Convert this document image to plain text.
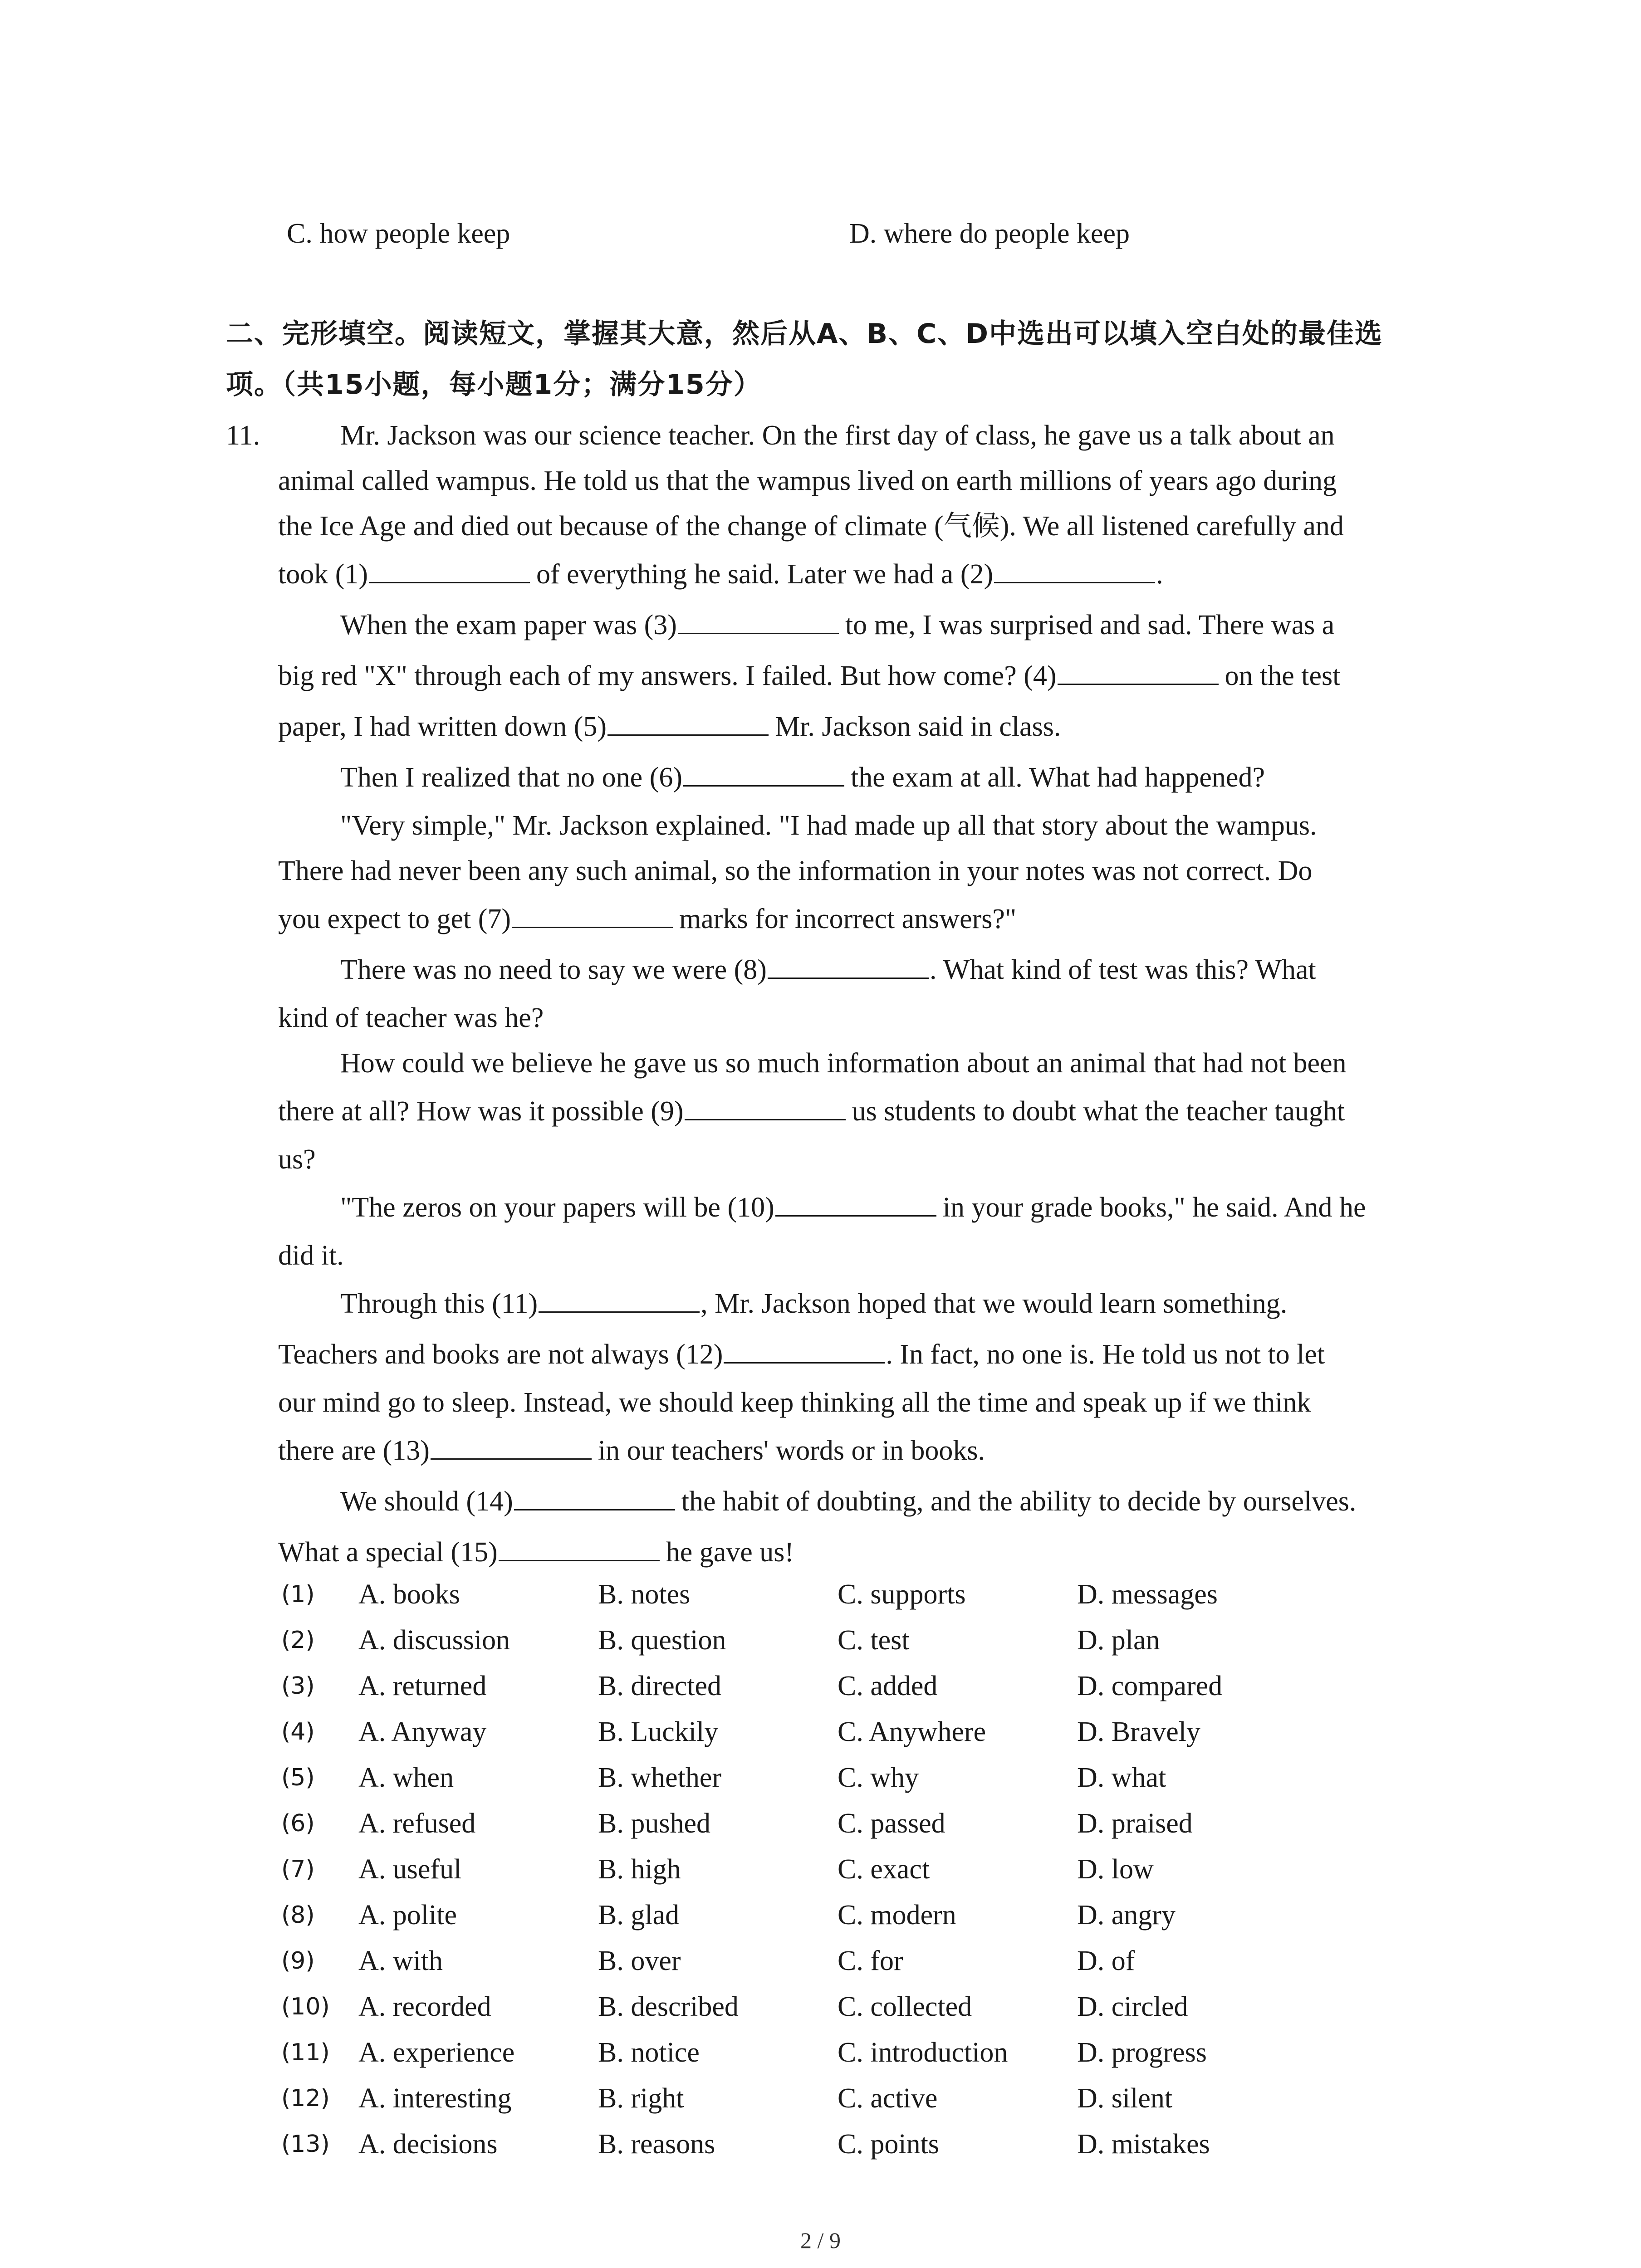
C. how people keep	D. where do people keep
二、完形填空。阅读短文，掌握其大意，然后从A、B、C、D中选出可以填入空白处的最佳选
项。（共15小题，每小题1分；满分15分）
11.	Mr. Jackson was our science teacher. On the first day of class, he gave us a talk about an
animal called wampus. He told us that the wampus lived on earth millions of years ago during
the Ice Age and died out because of the change of climate (气候). We all listened carefully and
took (1)	of everything he said. Later we had a (2)	.
When the exam paper was (3)	to me, I was surprised and sad. There was a
big red "X" through each of my answers. I failed. But how come? (4)	on the test
paper, I had written down (5)	Mr. Jackson said in class.
Then I realized that no one (6)	the exam at all. What had happened?
"Very simple," Mr. Jackson explained. "I had made up all that story about the wampus.
There had never been any such animal, so the information in your notes was not correct. Do
you expect to get (7)	marks for incorrect answers?"
There was no need to say we were (8)	. What kind of test was this? What
kind of teacher was he?
How could we believe he gave us so much information about an animal that had not been
there at all? How was it possible (9)	us students to doubt what the teacher taught
us?
"The zeros on your papers will be (10)	in your grade books," he said. And he
did it.
Through this (11)	, Mr. Jackson hoped that we would learn something.
Teachers and books are not always (12)	. In fact, no one is. He told us not to let
our mind go to sleep. Instead, we should keep thinking all the time and speak up if we think
there are (13)	in our teachers' words or in books.
We should (14)	the habit of doubting, and the ability to decide by ourselves.
What a special (15)	he gave us!
(1) A. books	B. notes	C. supports	D. messages
(2) A. discussion	B. question	C. test	D. plan
(3) A. returned	B. directed	C. added	D. compared
(4) A. Anyway	B. Luckily	C. Anywhere	D. Bravely
(5) A. when	B. whether	C. why	D. what
(6) A. refused	B. pushed	C. passed	D. praised
(7) A. useful	B. high	C. exact	D. low
(8) A. polite	B. glad	C. modern	D. angry
(9) A. with	B. over	C. for	D. of
(10) A. recorded	B. described	C. collected	D. circled
(11) A. experience	B. notice	C. introduction D. progress
(12) A. interesting	B. right	C. active	D. silent
(13) A. decisions	B. reasons	C. points	D. mistakes
2 / 9
